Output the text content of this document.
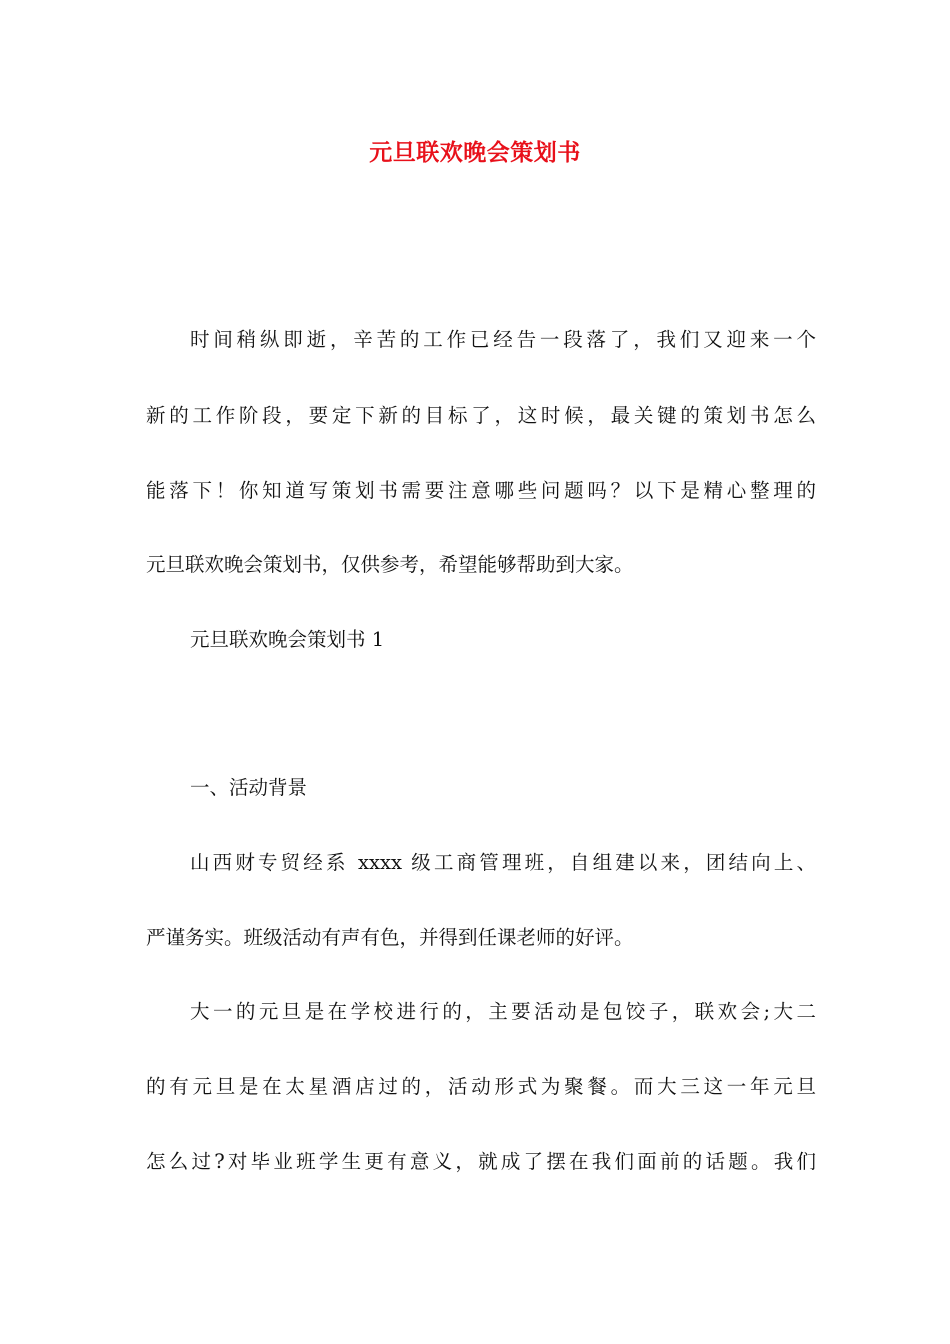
元旦联欢晚会策划书
时间稍纵即逝，辛苦的工作已经告一段落了，我们又迎来一个
新的工作阶段，要定下新的目标了，这时候，最关键的策划书怎么
能落下！你知道写策划书需要注意哪些问题吗？以下是精心整理的
元旦联欢晚会策划书，仅供参考，希望能够帮助到大家。
元旦联欢晚会策划书 1
一、活动背景
山西财专贸经系 xxxx 级工商管理班，自组建以来，团结向上、
严谨务实。班级活动有声有色，并得到任课老师的好评。
大一的元旦是在学校进行的，主要活动是包饺子，联欢会;大二
的有元旦是在太星酒店过的，活动形式为聚餐。而大三这一年元旦
怎么过?对毕业班学生更有意义，就成了摆在我们面前的话题。我们
